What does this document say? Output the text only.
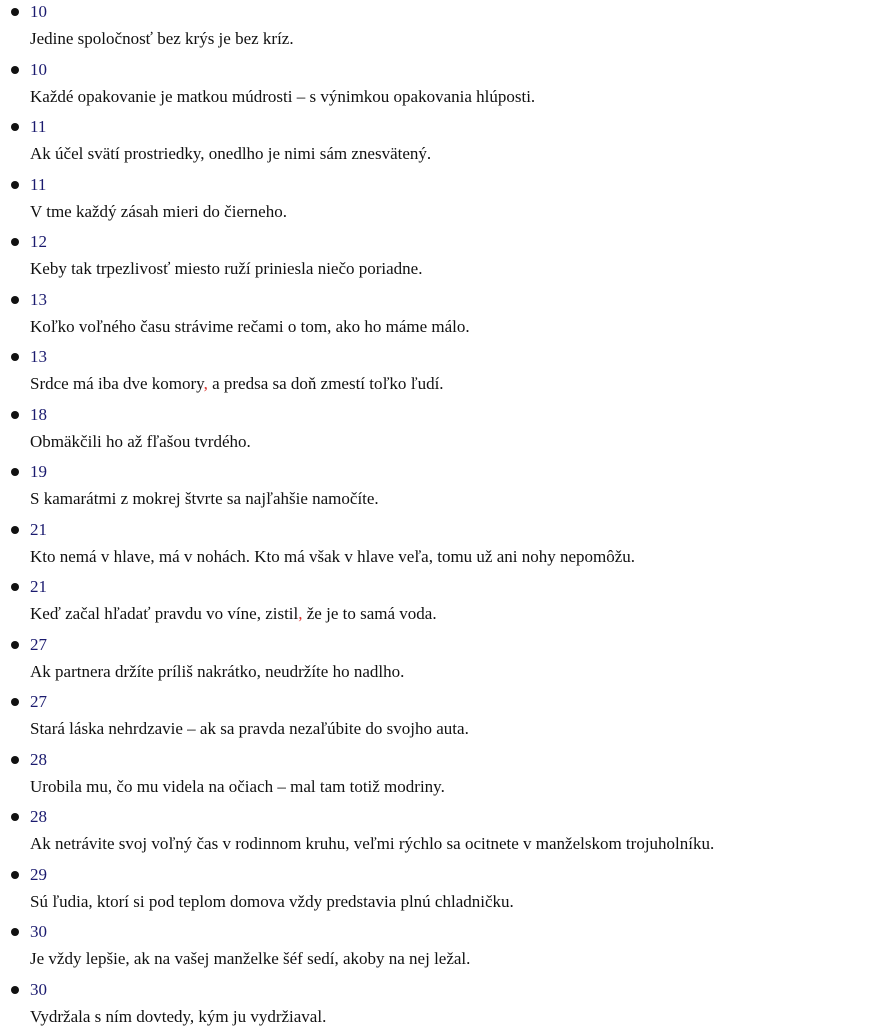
10
Jedine spoločnosť bez krýs je bez kríz.
10
Každé opakovanie je matkou múdrosti – s výnimkou opakovania hlúposti.
11
Ak účel svätí prostriedky, onedlho je nimi sám znesvätený.
11
V tme každý zásah mieri do čierneho.
12
Keby tak trpezlivosť miesto ruží priniesla niečo poriadne.
13
Koľko voľného času strávime rečami o tom, ako ho máme málo.
13
Srdce má iba dve komory, a predsa sa doň zmestí toľko ľudí.
18
Obmäkčili ho až fľašou tvrdého.
19
S kamarátmi z mokrej štvrte sa najľahšie namočíte.
21
Kto nemá v hlave, má v nohách. Kto má však v hlave veľa, tomu už ani nohy nepomôžu.
21
Keď začal hľadať pravdu vo víne, zistil, že je to samá voda.
27
Ak partnera držíte príliš nakrátko, neudržíte ho nadlho.
27
Stará láska nehrdzavie – ak sa pravda nezaľúbite do svojho auta.
28
Urobila mu, čo mu videla na očiach – mal tam totiž modriny.
28
Ak netrávite svoj voľný čas v rodinnom kruhu, veľmi rýchlo sa ocitnete v manželskom trojuholníku.
29
Sú ľudia, ktorí si pod teplom domova vždy predstavia plnú chladničku.
30
Je vždy lepšie, ak na vašej manželke šéf sedí, akoby na nej ležal.
30
Vydržala s ním dovtedy, kým ju vydržiaval.
